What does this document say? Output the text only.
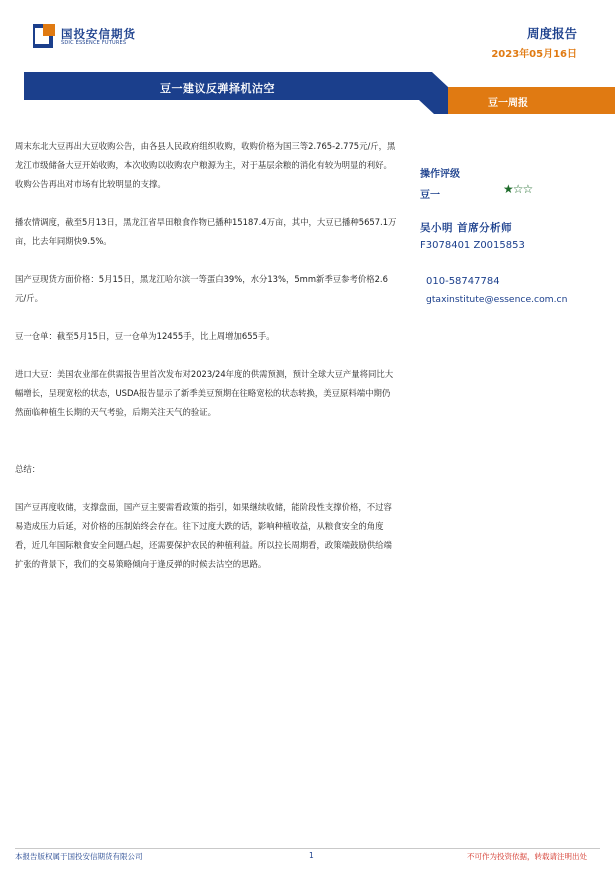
国投安信期货
SDIC ESSENCE FUTURES
周度报告
2023年05月16日
豆一建议反弹择机沽空
豆一周报

周末东北大豆再出大豆收购公告，由各县人民政府组织收购，收购价格为国三等2.765-2.775元/斤，黑龙江市级储备大豆开始收购，本次收购以收购农户粮源为主，对于基层余粮的消化有较为明显的利好。收购公告再出对市场有比较明显的支撑。

播农情调度，截至5月13日，黑龙江省旱田粮食作物已播种15187.4万亩，其中，大豆已播种5657.1万亩，比去年同期快9.5%。

国产豆现货方面价格：5月15日，黑龙江哈尔滨一等蛋白39%，水分13%，5mm新季豆参考价格2.6元/斤。

豆一仓单：截至5月15日，豆一仓单为12455手，比上周增加655手。

进口大豆：美国农业部在供需报告里首次发布对2023/24年度的供需预测，预计全球大豆产量将同比大幅增长，呈现宽松的状态，USDA报告显示了新季美豆预期在往略宽松的状态转换，美豆原料端中期仍然面临种植生长期的天气考验，后期关注天气的验证。

总结：

国产豆再度收储，支撑盘面，国产豆主要需看政策的指引，如果继续收储，能阶段性支撑价格，不过容易造成压力后延，对价格的压制始终会存在。往下过度大跌的话，影响种植收益，从粮食安全的角度看，近几年国际粮食安全问题凸起，还需要保护农民的种植利益。所以拉长周期看，政策端鼓励供给端扩张的背景下，我们的交易策略倾向于逢反弹的时候去沽空的思路。

操作评级
豆一	★☆☆
吴小明 首席分析师
F3078401 Z0015853
010-58747784
gtaxinstitute@essence.com.cn
本报告版权属于国投安信期货有限公司	1	不可作为投资依据，转载请注明出处
